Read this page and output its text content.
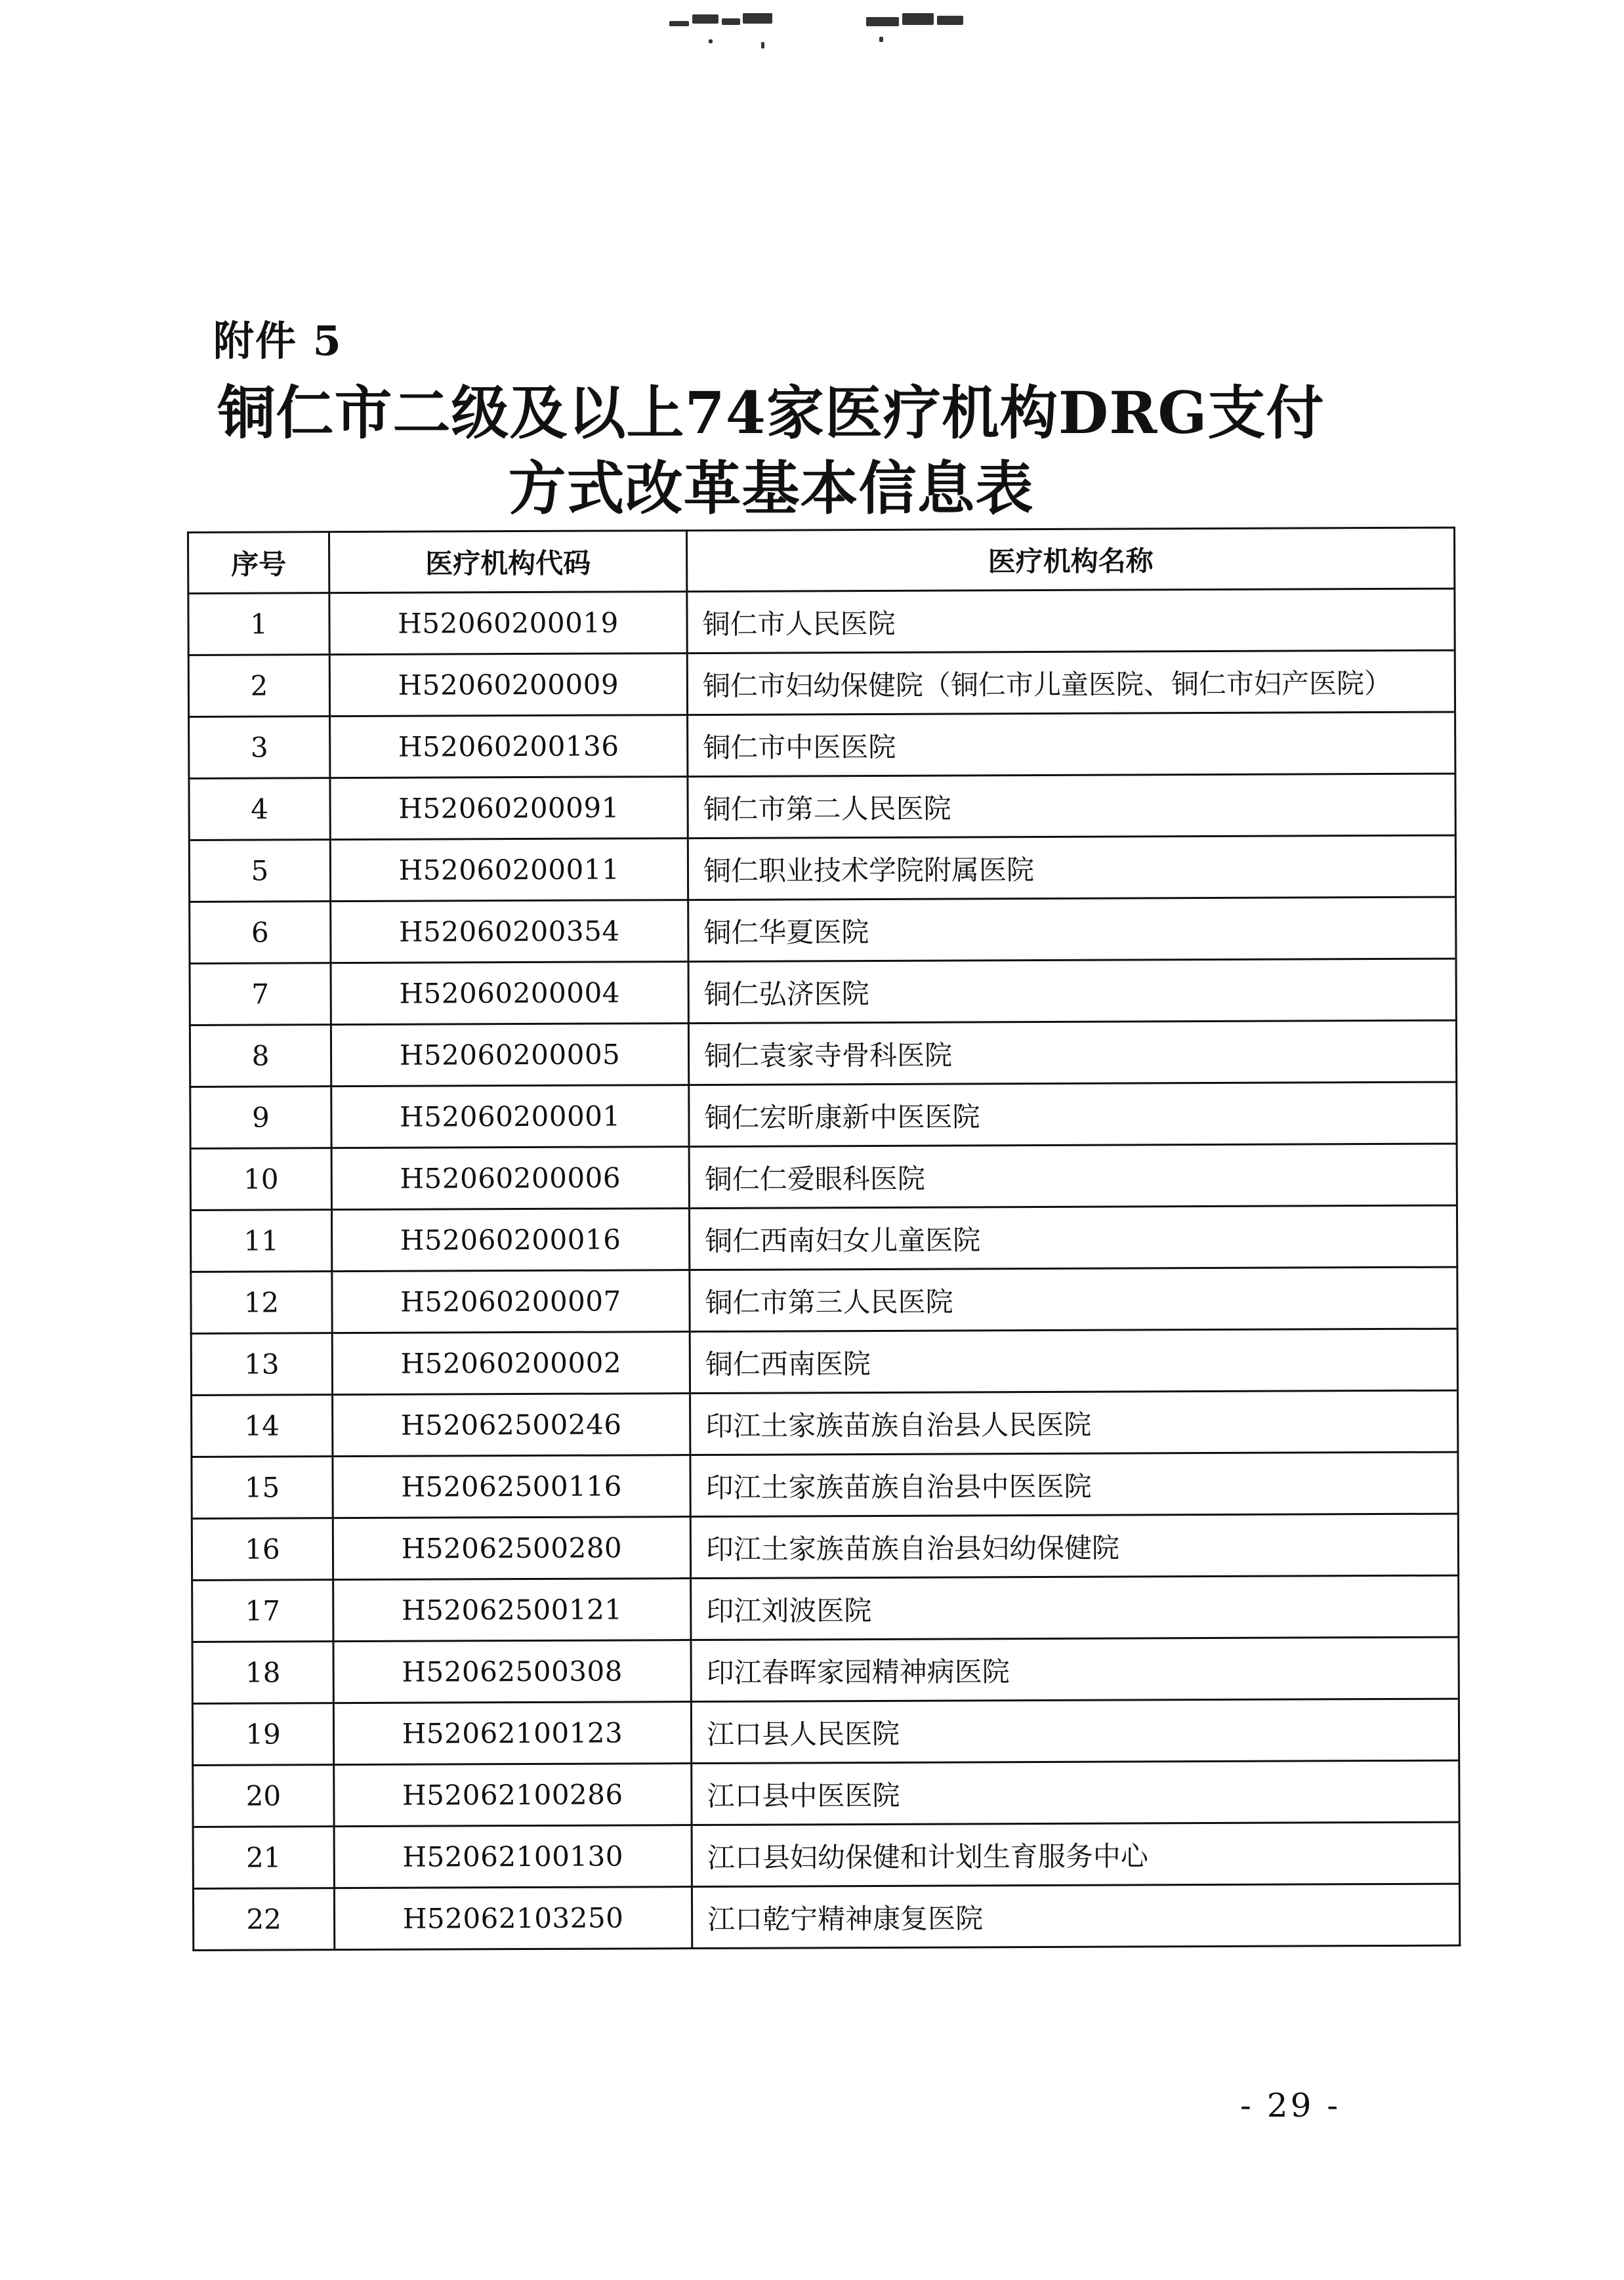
附件 5
铜仁市二级及以上74家医疗机构DRG支付
方式改革基本信息表
序号	医疗机构代码	医疗机构名称
1	H52060200019	铜仁市人民医院
2	H52060200009	铜仁市妇幼保健院（铜仁市儿童医院、铜仁市妇产医院）
3	H52060200136	铜仁市中医医院
4	H52060200091	铜仁市第二人民医院
5	H52060200011	铜仁职业技术学院附属医院
6	H52060200354	铜仁华夏医院
7	H52060200004	铜仁弘济医院
8	H52060200005	铜仁袁家寺骨科医院
9	H52060200001	铜仁宏昕康新中医医院
10	H52060200006	铜仁仁爱眼科医院
11	H52060200016	铜仁西南妇女儿童医院
12	H52060200007	铜仁市第三人民医院
13	H52060200002	铜仁西南医院
14	H52062500246	印江土家族苗族自治县人民医院
15	H52062500116	印江土家族苗族自治县中医医院
16	H52062500280	印江土家族苗族自治县妇幼保健院
17	H52062500121	印江刘波医院
18	H52062500308	印江春晖家园精神病医院
19	H52062100123	江口县人民医院
20	H52062100286	江口县中医医院
21	H52062100130	江口县妇幼保健和计划生育服务中心
22	H52062103250	江口乾宁精神康复医院
- 29 -
